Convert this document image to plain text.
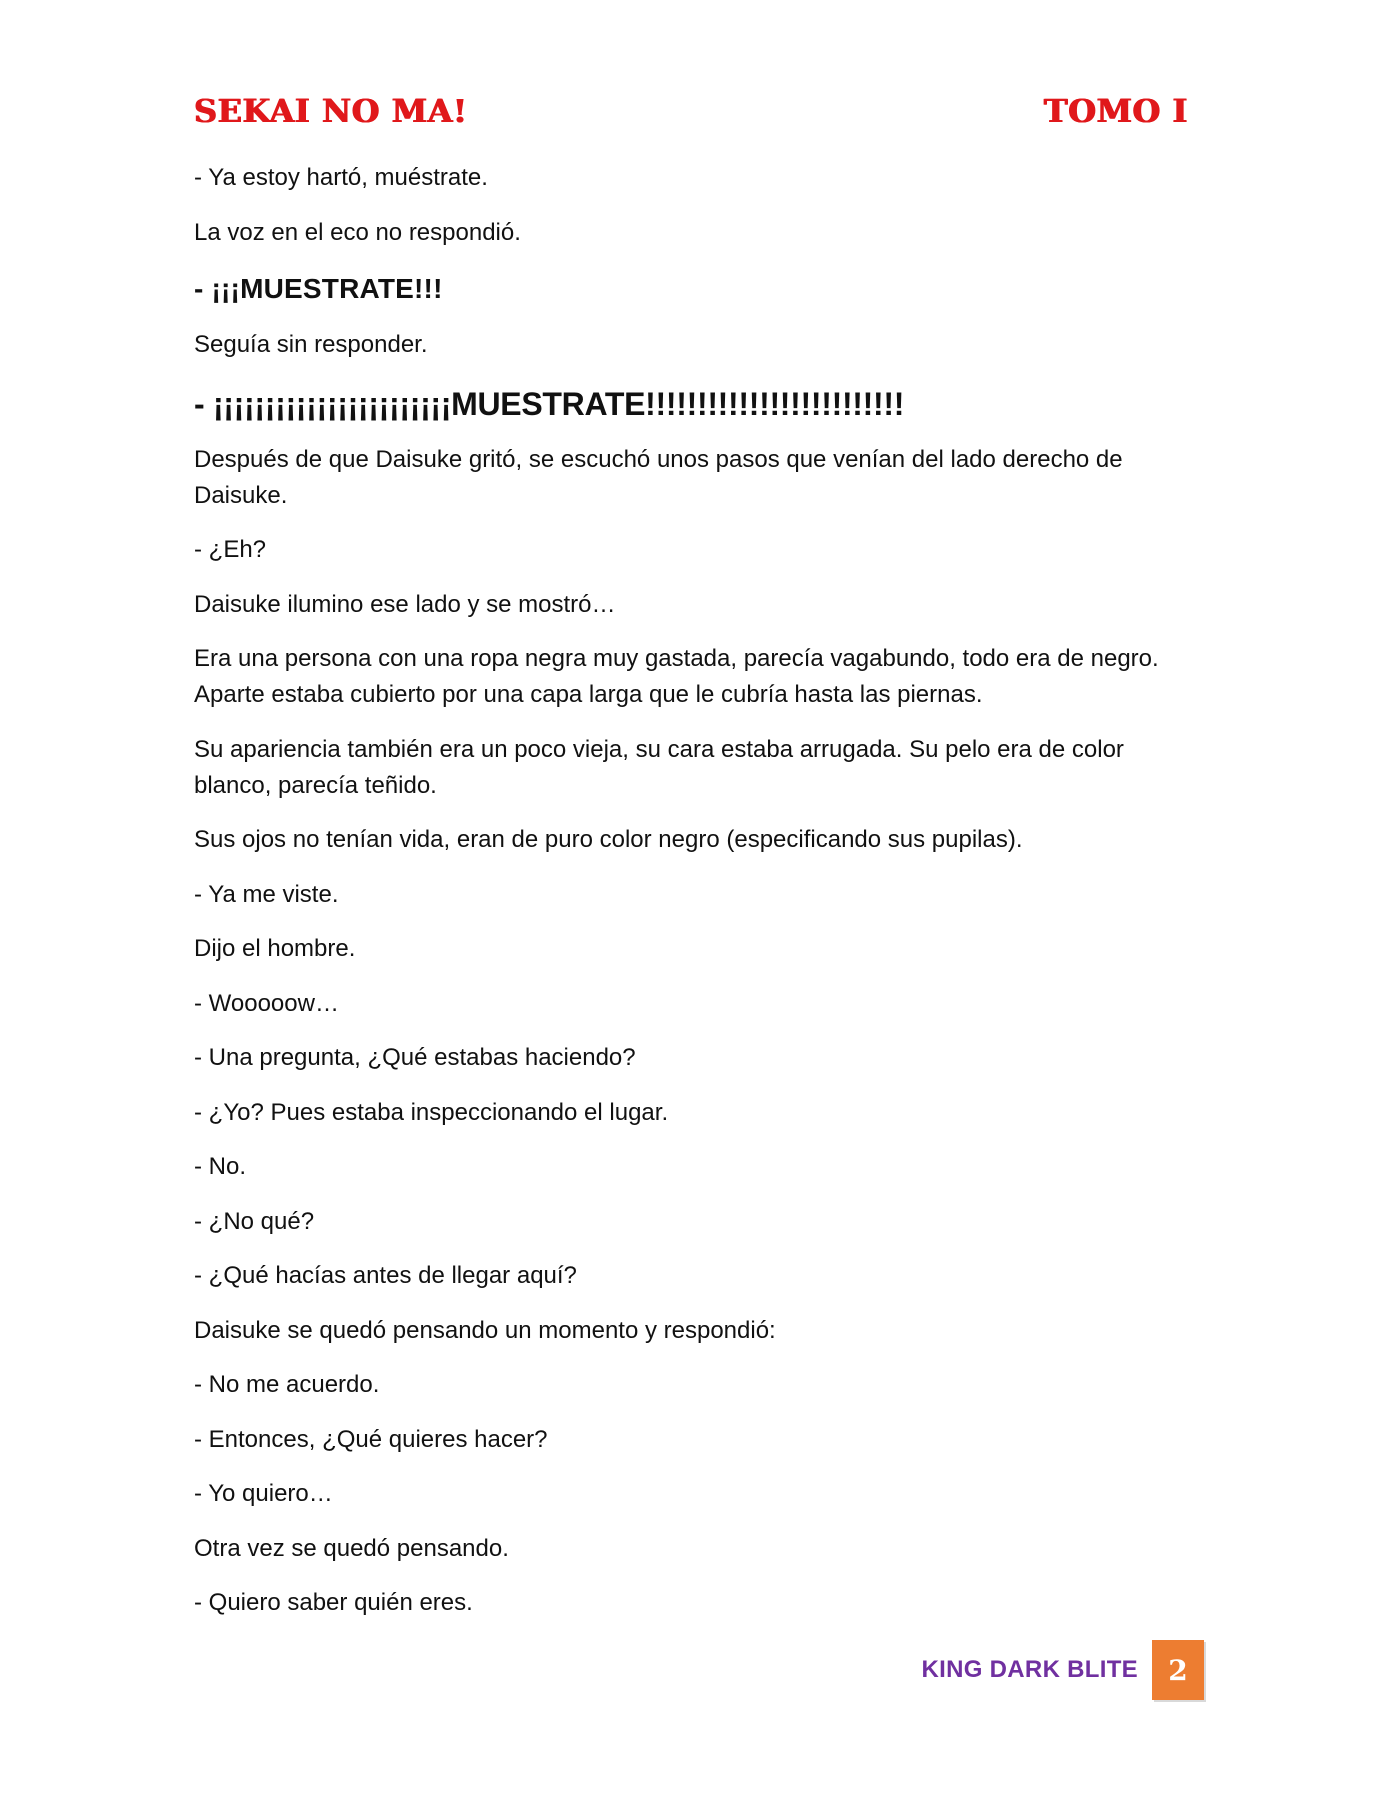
SEKAI NO MA!	TOMO I

- Ya estoy hartó, muéstrate.

La voz en el eco no respondió.

- ¡¡¡MUESTRATE!!!

Seguía sin responder.

- ¡¡¡¡¡¡¡¡¡¡¡¡¡¡¡¡¡¡¡¡¡¡¡MUESTRATE!!!!!!!!!!!!!!!!!!!!!!!!!

Después de que Daisuke gritó, se escuchó unos pasos que venían del lado derecho de Daisuke.

- ¿Eh?

Daisuke ilumino ese lado y se mostró…

Era una persona con una ropa negra muy gastada, parecía vagabundo, todo era de negro. Aparte estaba cubierto por una capa larga que le cubría hasta las piernas.

Su apariencia también era un poco vieja, su cara estaba arrugada. Su pelo era de color blanco, parecía teñido.

Sus ojos no tenían vida, eran de puro color negro (especificando sus pupilas).

- Ya me viste.

Dijo el hombre.

- Wooooow…

- Una pregunta, ¿Qué estabas haciendo?

- ¿Yo? Pues estaba inspeccionando el lugar.

- No.

- ¿No qué?

- ¿Qué hacías antes de llegar aquí?

Daisuke se quedó pensando un momento y respondió:

- No me acuerdo.

- Entonces, ¿Qué quieres hacer?

- Yo quiero…

Otra vez se quedó pensando.

- Quiero saber quién eres.

KING DARK BLITE 2
